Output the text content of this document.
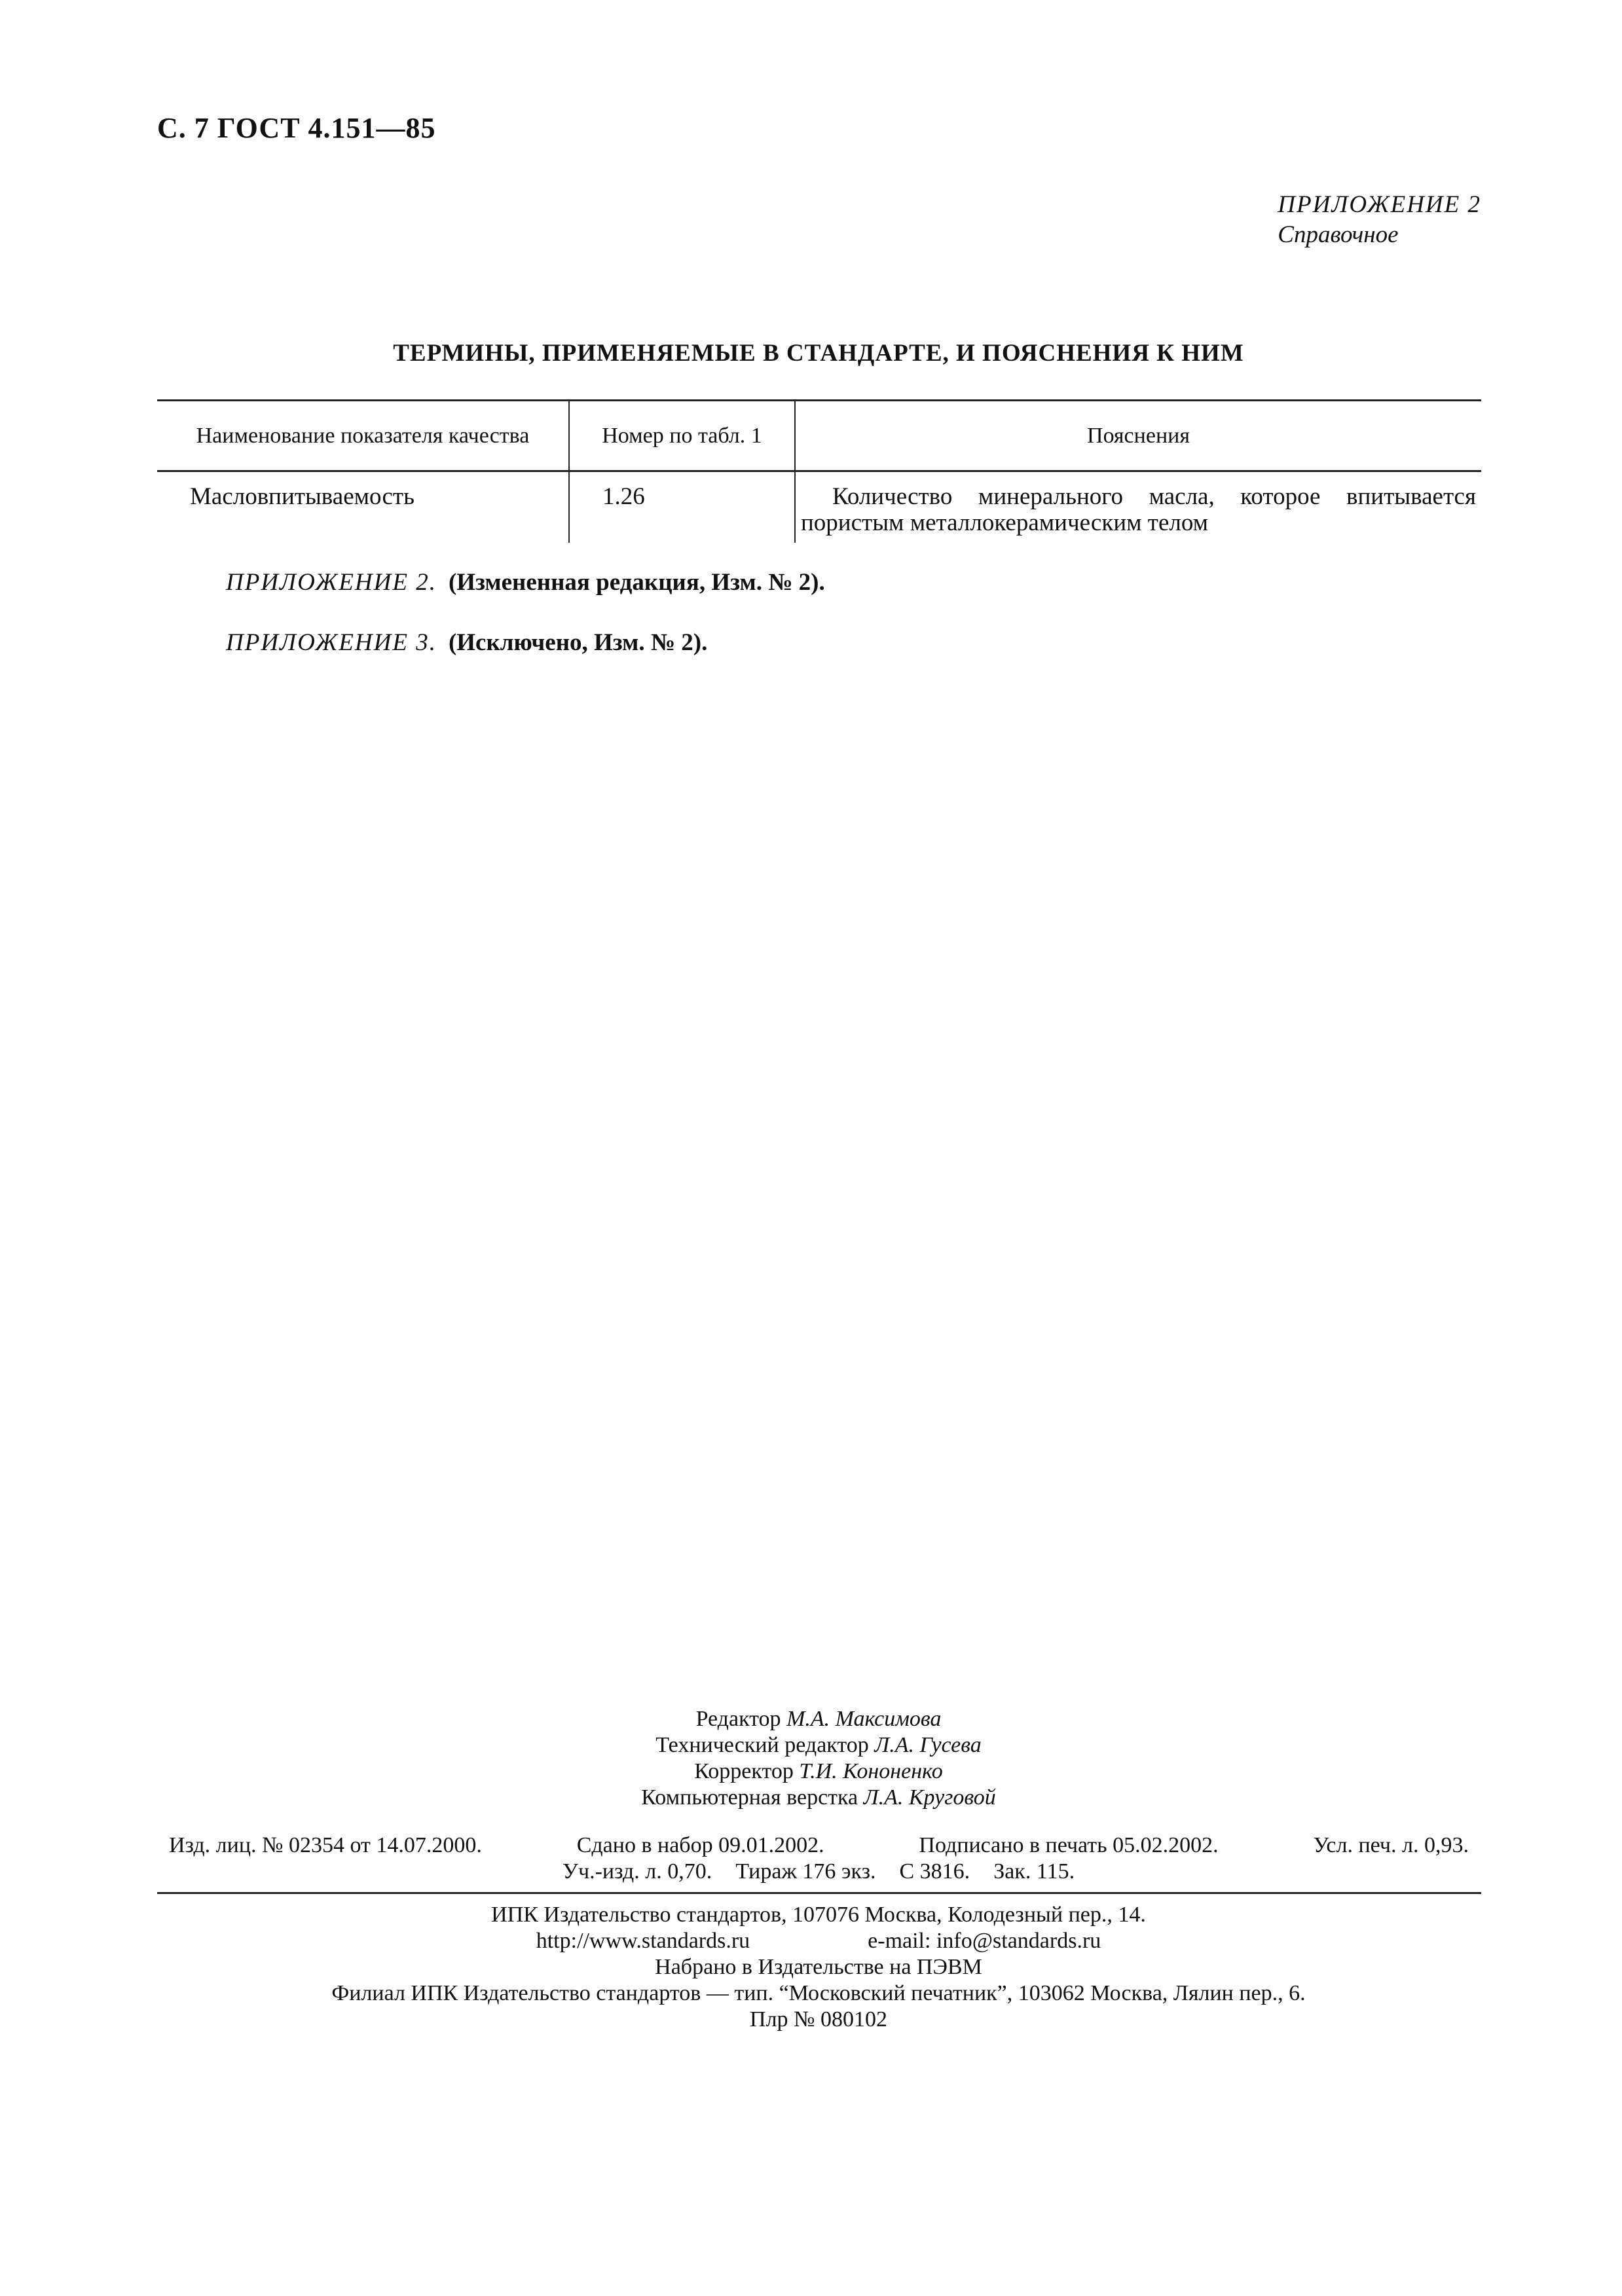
С. 7 ГОСТ 4.151—85
ПРИЛОЖЕНИЕ 2
Справочное
ТЕРМИНЫ, ПРИМЕНЯЕМЫЕ В СТАНДАРТЕ, И ПОЯСНЕНИЯ К НИМ
Наименование показателя качества	Номер по табл. 1	Пояснения
Масловпитываемость	1.26	Количество минерального масла, которое впитывается пористым металлокерамическим телом
ПРИЛОЖЕНИЕ 2. (Измененная редакция, Изм. № 2).
ПРИЛОЖЕНИЕ 3. (Исключено, Изм. № 2).
Редактор М.А. Максимова
Технический редактор Л.А. Гусева
Корректор Т.И. Кононенко
Компьютерная верстка Л.А. Круговой
Изд. лиц. № 02354 от 14.07.2000.	Сдано в набор 09.01.2002.	Подписано в печать 05.02.2002.	Усл. печ. л. 0,93.
Уч.-изд. л. 0,70. Тираж 176 экз. С 3816. Зак. 115.
ИПК Издательство стандартов, 107076 Москва, Колодезный пер., 14.
http://www.standards.ru	e-mail: info@standards.ru
Набрано в Издательстве на ПЭВМ
Филиал ИПК Издательство стандартов — тип. “Московский печатник”, 103062 Москва, Лялин пер., 6.
Плр № 080102
